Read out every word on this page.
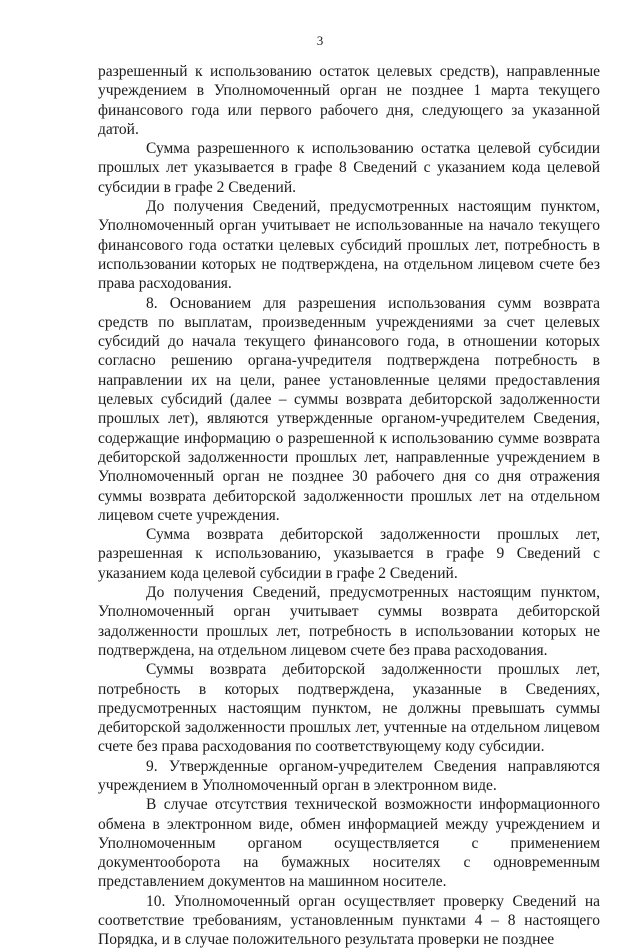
3

разрешенный к использованию остаток целевых средств), направленные учреждением в Уполномоченный орган не позднее 1 марта текущего финансового года или первого рабочего дня, следующего за указанной датой.

Сумма разрешенного к использованию остатка целевой субсидии прошлых лет указывается в графе 8 Сведений с указанием кода целевой субсидии в графе 2 Сведений.

До получения Сведений, предусмотренных настоящим пунктом, Уполномоченный орган учитывает не использованные на начало текущего финансового года остатки целевых субсидий прошлых лет, потребность в использовании которых не подтверждена, на отдельном лицевом счете без права расходования.

8. Основанием для разрешения использования сумм возврата средств по выплатам, произведенным учреждениями за счет целевых субсидий до начала текущего финансового года, в отношении которых согласно решению органа-учредителя подтверждена потребность в направлении их на цели, ранее установленные целями предоставления целевых субсидий (далее – суммы возврата дебиторской задолженности прошлых лет), являются утвержденные органом-учредителем Сведения, содержащие информацию о разрешенной к использованию сумме возврата дебиторской задолженности прошлых лет, направленные учреждением в Уполномоченный орган не позднее 30 рабочего дня со дня отражения суммы возврата дебиторской задолженности прошлых лет на отдельном лицевом счете учреждения.

Сумма возврата дебиторской задолженности прошлых лет, разрешенная к использованию, указывается в графе 9 Сведений с указанием кода целевой субсидии в графе 2 Сведений.

До получения Сведений, предусмотренных настоящим пунктом, Уполномоченный орган учитывает суммы возврата дебиторской задолженности прошлых лет, потребность в использовании которых не подтверждена, на отдельном лицевом счете без права расходования.

Суммы возврата дебиторской задолженности прошлых лет, потребность в которых подтверждена, указанные в Сведениях, предусмотренных настоящим пунктом, не должны превышать суммы дебиторской задолженности прошлых лет, учтенные на отдельном лицевом счете без права расходования по соответствующему коду субсидии.

9. Утвержденные органом-учредителем Сведения направляются учреждением в Уполномоченный орган в электронном виде.

В случае отсутствия технической возможности информационного обмена в электронном виде, обмен информацией между учреждением и Уполномоченным органом осуществляется с применением документооборота на бумажных носителях с одновременным представлением документов на машинном носителе.

10. Уполномоченный орган осуществляет проверку Сведений на соответствие требованиям, установленным пунктами 4 – 8 настоящего Порядка, и в случае положительного результата проверки не позднее
